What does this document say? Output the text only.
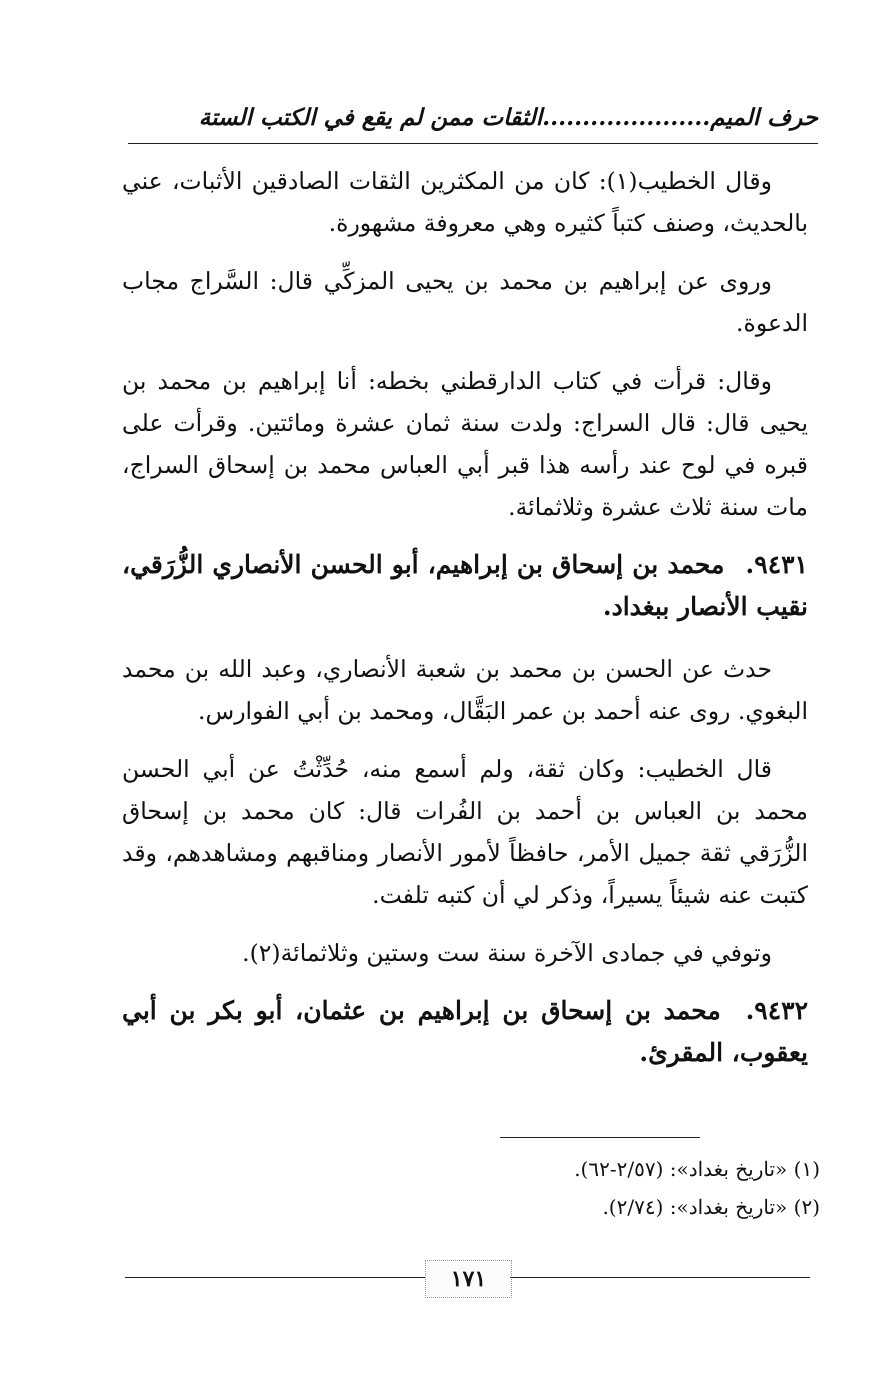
حرف الميم.....................الثقات ممن لم يقع في الكتب الستة

وقال الخطيب(١): كان من المكثرين الثقات الصادقين الأثبات، عني بالحديث، وصنف كتباً كثيره وهي معروفة مشهورة.

وروى عن إبراهيم بن محمد بن يحيى المزكِّي قال: السَّراج مجاب الدعوة.

وقال: قرأت في كتاب الدارقطني بخطه: أنا إبراهيم بن محمد بن يحيى قال: قال السراج: ولدت سنة ثمان عشرة ومائتين. وقرأت على قبره في لوح عند رأسه هذا قبر أبي العباس محمد بن إسحاق السراج، مات سنة ثلاث عشرة وثلاثمائة.

٩٤٣١. محمد بن إسحاق بن إبراهيم، أبو الحسن الأنصاري الزُّرَقي، نقيب الأنصار ببغداد.

حدث عن الحسن بن محمد بن شعبة الأنصاري، وعبد الله بن محمد البغوي. روى عنه أحمد بن عمر البَقَّال، ومحمد بن أبي الفوارس.

قال الخطيب: وكان ثقة، ولم أسمع منه، حُدِّثْتُ عن أبي الحسن محمد بن العباس بن أحمد بن الفُرات قال: كان محمد بن إسحاق الزُّرَقي ثقة جميل الأمر، حافظاً لأمور الأنصار ومناقبهم ومشاهدهم، وقد كتبت عنه شيئاً يسيراً، وذكر لي أن كتبه تلفت.

وتوفي في جمادى الآخرة سنة ست وستين وثلاثمائة(٢).

٩٤٣٢. محمد بن إسحاق بن إبراهيم بن عثمان، أبو بكر بن أبي يعقوب، المقرئ.

(١) «تاريخ بغداد»: (٢/٥٧-٦٢).
(٢) «تاريخ بغداد»: (٢/٧٤).
١٧١
